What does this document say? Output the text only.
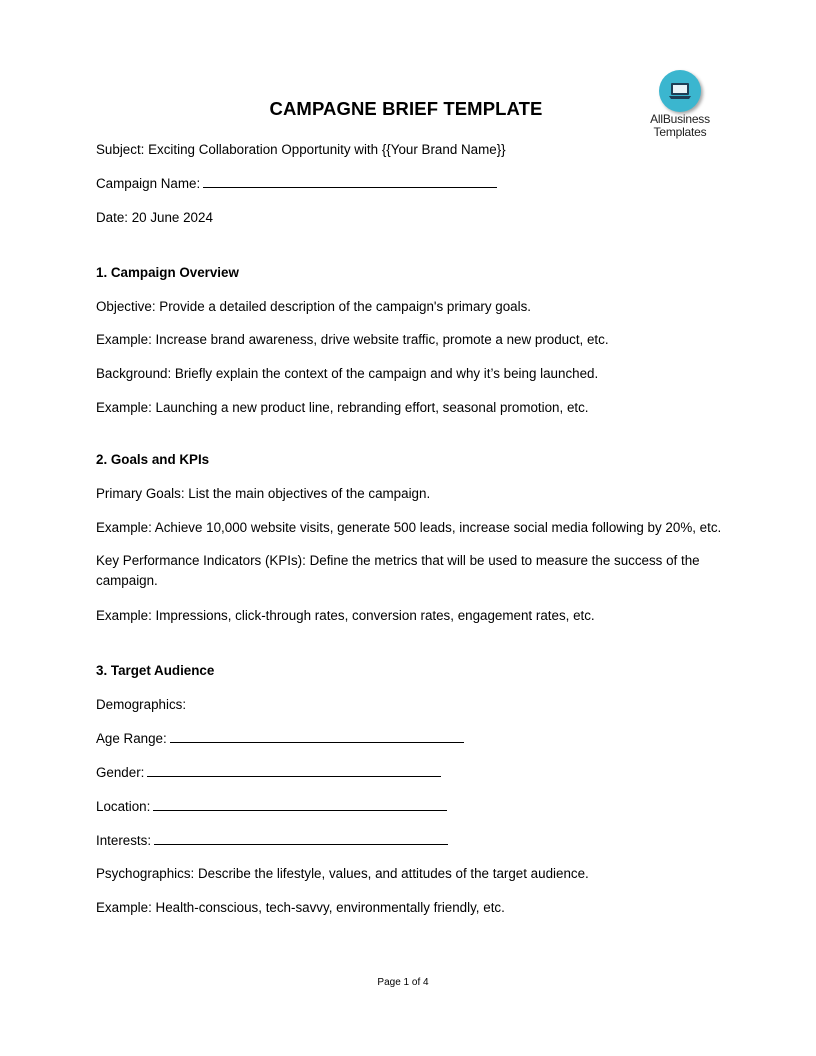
AllBusiness
Templates
CAMPAGNE BRIEF TEMPLATE
Subject: Exciting Collaboration Opportunity with {{Your Brand Name}}
Campaign Name:
Date: 20 June 2024
1. Campaign Overview
Objective: Provide a detailed description of the campaign's primary goals.
Example: Increase brand awareness, drive website traffic, promote a new product, etc.
Background: Briefly explain the context of the campaign and why it’s being launched.
Example: Launching a new product line, rebranding effort, seasonal promotion, etc.
2. Goals and KPIs
Primary Goals: List the main objectives of the campaign.
Example: Achieve 10,000 website visits, generate 500 leads, increase social media following by 20%, etc.
Key Performance Indicators (KPIs): Define the metrics that will be used to measure the success of the campaign.
Example: Impressions, click-through rates, conversion rates, engagement rates, etc.
3. Target Audience
Demographics:
Age Range:
Gender:
Location:
Interests:
Psychographics: Describe the lifestyle, values, and attitudes of the target audience.
Example: Health-conscious, tech-savvy, environmentally friendly, etc.
Page 1 of 4
